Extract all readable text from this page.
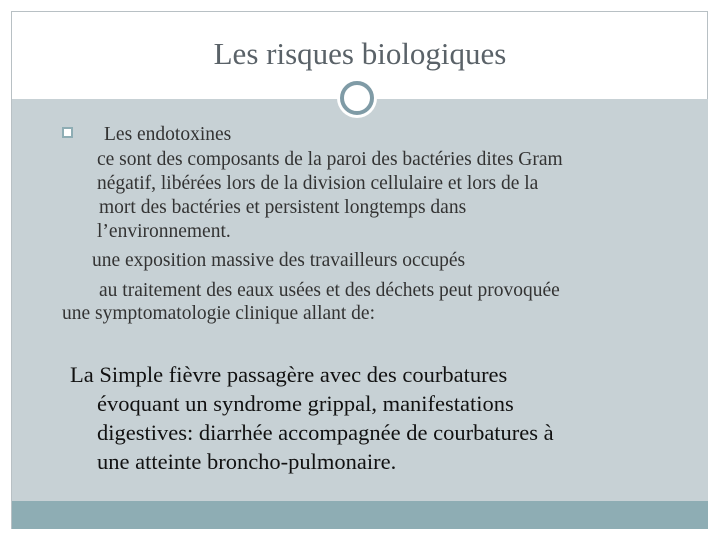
Les risques biologiques
Les endotoxines
ce sont des composants de la paroi des bactéries dites Gram
négatif, libérées lors de la division cellulaire et lors de la
mort des bactéries et persistent longtemps dans
l’environnement.
une exposition massive des travailleurs occupés
au traitement des eaux usées et des déchets peut provoquée
une symptomatologie clinique allant de:
La Simple fièvre passagère avec des courbatures
évoquant un syndrome grippal, manifestations
digestives: diarrhée accompagnée de courbatures à
une atteinte broncho-pulmonaire.
